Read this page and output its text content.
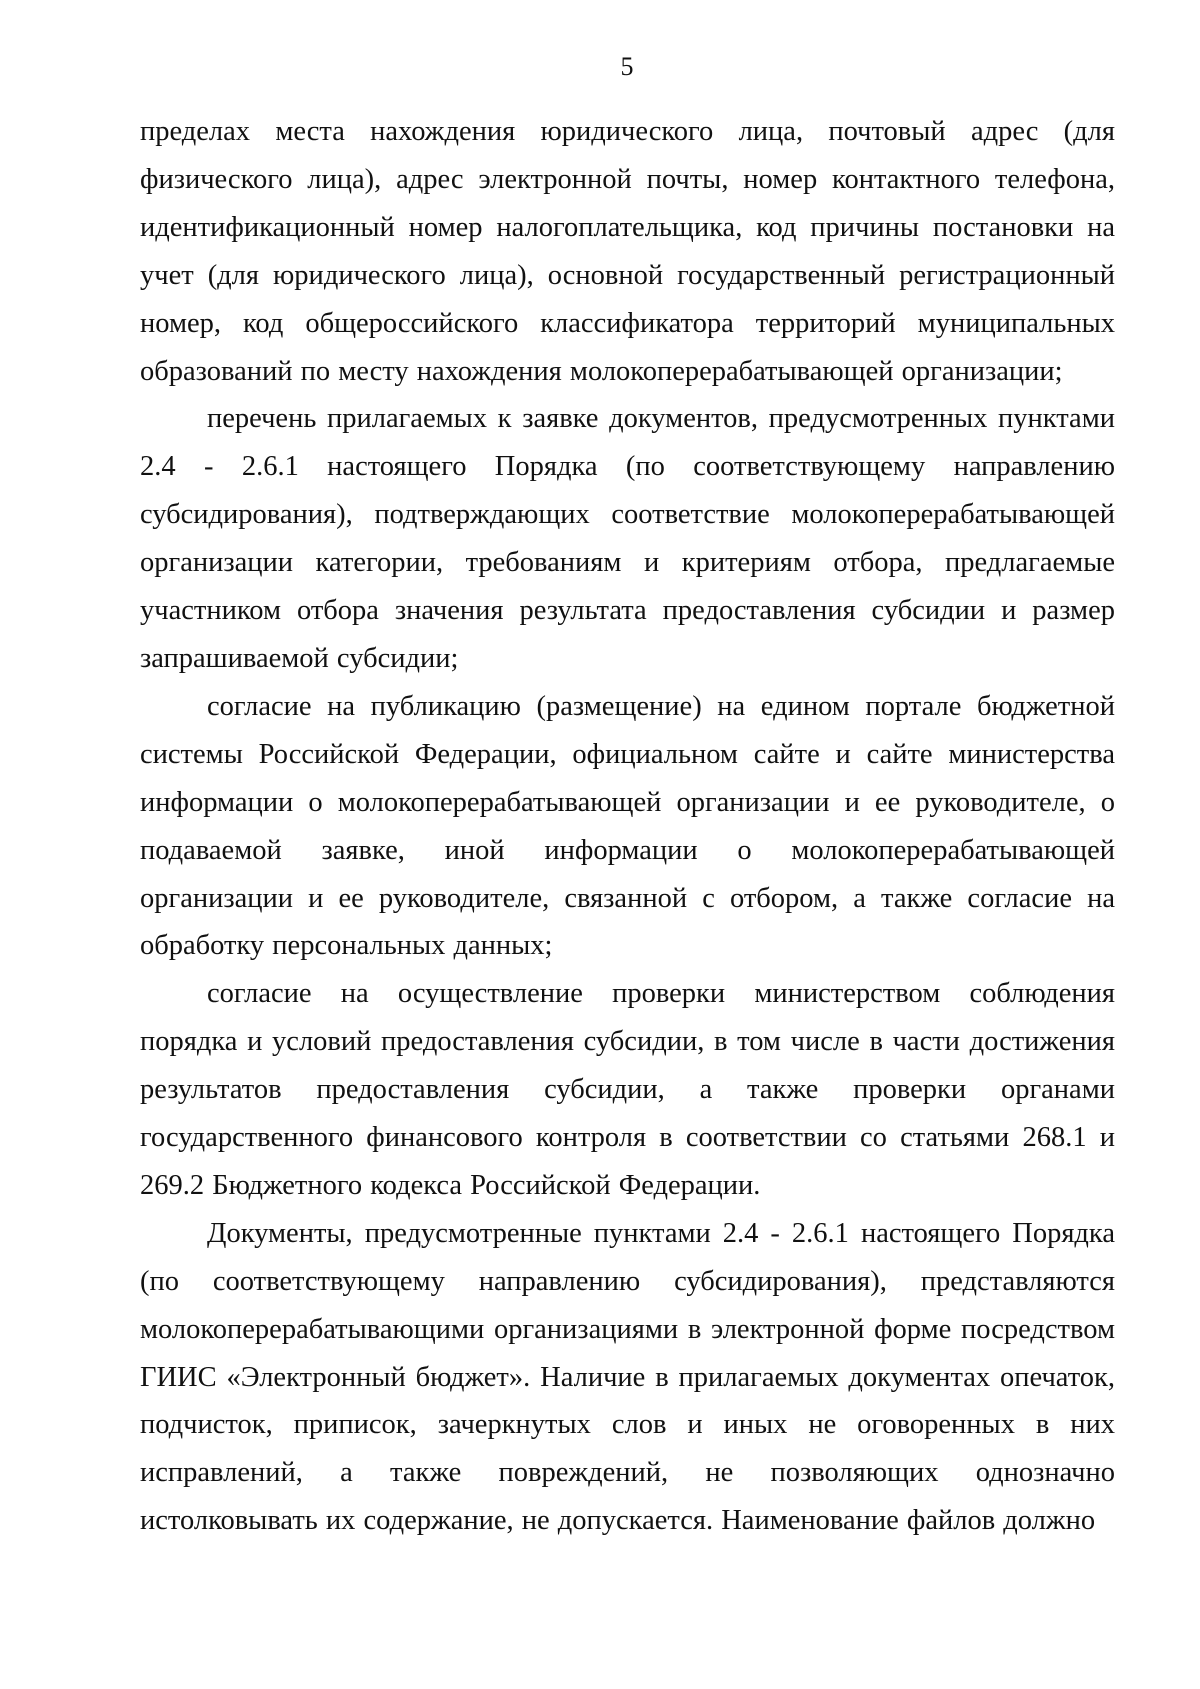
5

пределах места нахождения юридического лица, почтовый адрес (для физического лица), адрес электронной почты, номер контактного телефона, идентификационный номер налогоплательщика, код причины постановки на учет (для юридического лица), основной государственный регистрационный номер, код общероссийского классификатора территорий муниципальных образований по месту нахождения молокоперерабатывающей организации;

перечень прилагаемых к заявке документов, предусмотренных пунктами 2.4 - 2.6.1 настоящего Порядка (по соответствующему направлению субсидирования), подтверждающих соответствие молокоперерабатывающей организации категории, требованиям и критериям отбора, предлагаемые участником отбора значения результата предоставления субсидии и размер запрашиваемой субсидии;

согласие на публикацию (размещение) на едином портале бюджетной системы Российской Федерации, официальном сайте и сайте министерства информации о молокоперерабатывающей организации и ее руководителе, о подаваемой заявке, иной информации о молокоперерабатывающей организации и ее руководителе, связанной с отбором, а также согласие на обработку персональных данных;

согласие на осуществление проверки министерством соблюдения порядка и условий предоставления субсидии, в том числе в части достижения результатов предоставления субсидии, а также проверки органами государственного финансового контроля в соответствии со статьями 268.1 и 269.2 Бюджетного кодекса Российской Федерации.

Документы, предусмотренные пунктами 2.4 - 2.6.1 настоящего Порядка (по соответствующему направлению субсидирования), представляются молокоперерабатывающими организациями в электронной форме посредством ГИИС «Электронный бюджет». Наличие в прилагаемых документах опечаток, подчисток, приписок, зачеркнутых слов и иных не оговоренных в них исправлений, а также повреждений, не позволяющих однозначно истолковывать их содержание, не допускается. Наименование файлов должно
